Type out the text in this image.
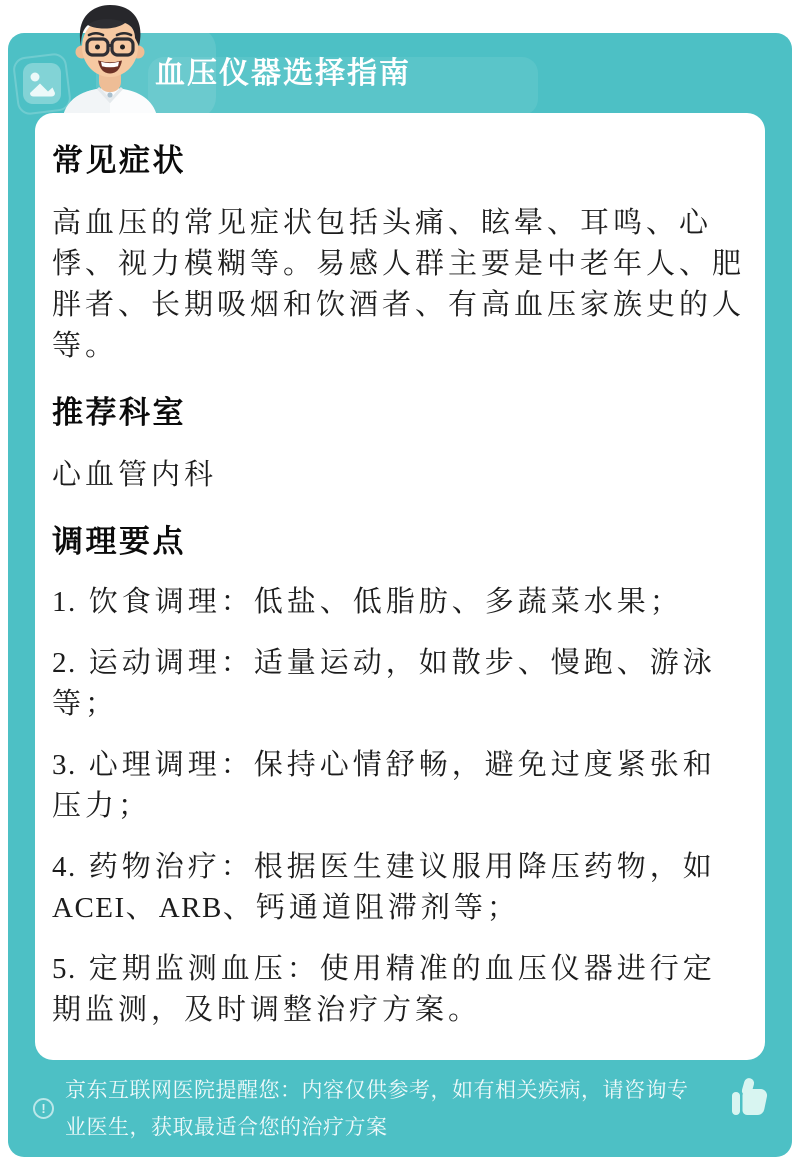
血压仪器选择指南
常见症状

高血压的常见症状包括头痛、眩晕、耳鸣、心悸、视力模糊等。易感人群主要是中老年人、肥胖者、长期吸烟和饮酒者、有高血压家族史的人等。

推荐科室

心血管内科

调理要点

1. 饮食调理：低盐、低脂肪、多蔬菜水果；

2. 运动调理：适量运动，如散步、慢跑、游泳等；

3. 心理调理：保持心情舒畅，避免过度紧张和压力；

4. 药物治疗：根据医生建议服用降压药物，如ACEI、ARB、钙通道阻滞剂等；

5. 定期监测血压：使用精准的血压仪器进行定期监测，及时调整治疗方案。

!
京东互联网医院提醒您：内容仅供参考，如有相关疾病，请咨询专业医生，获取最适合您的治疗方案
